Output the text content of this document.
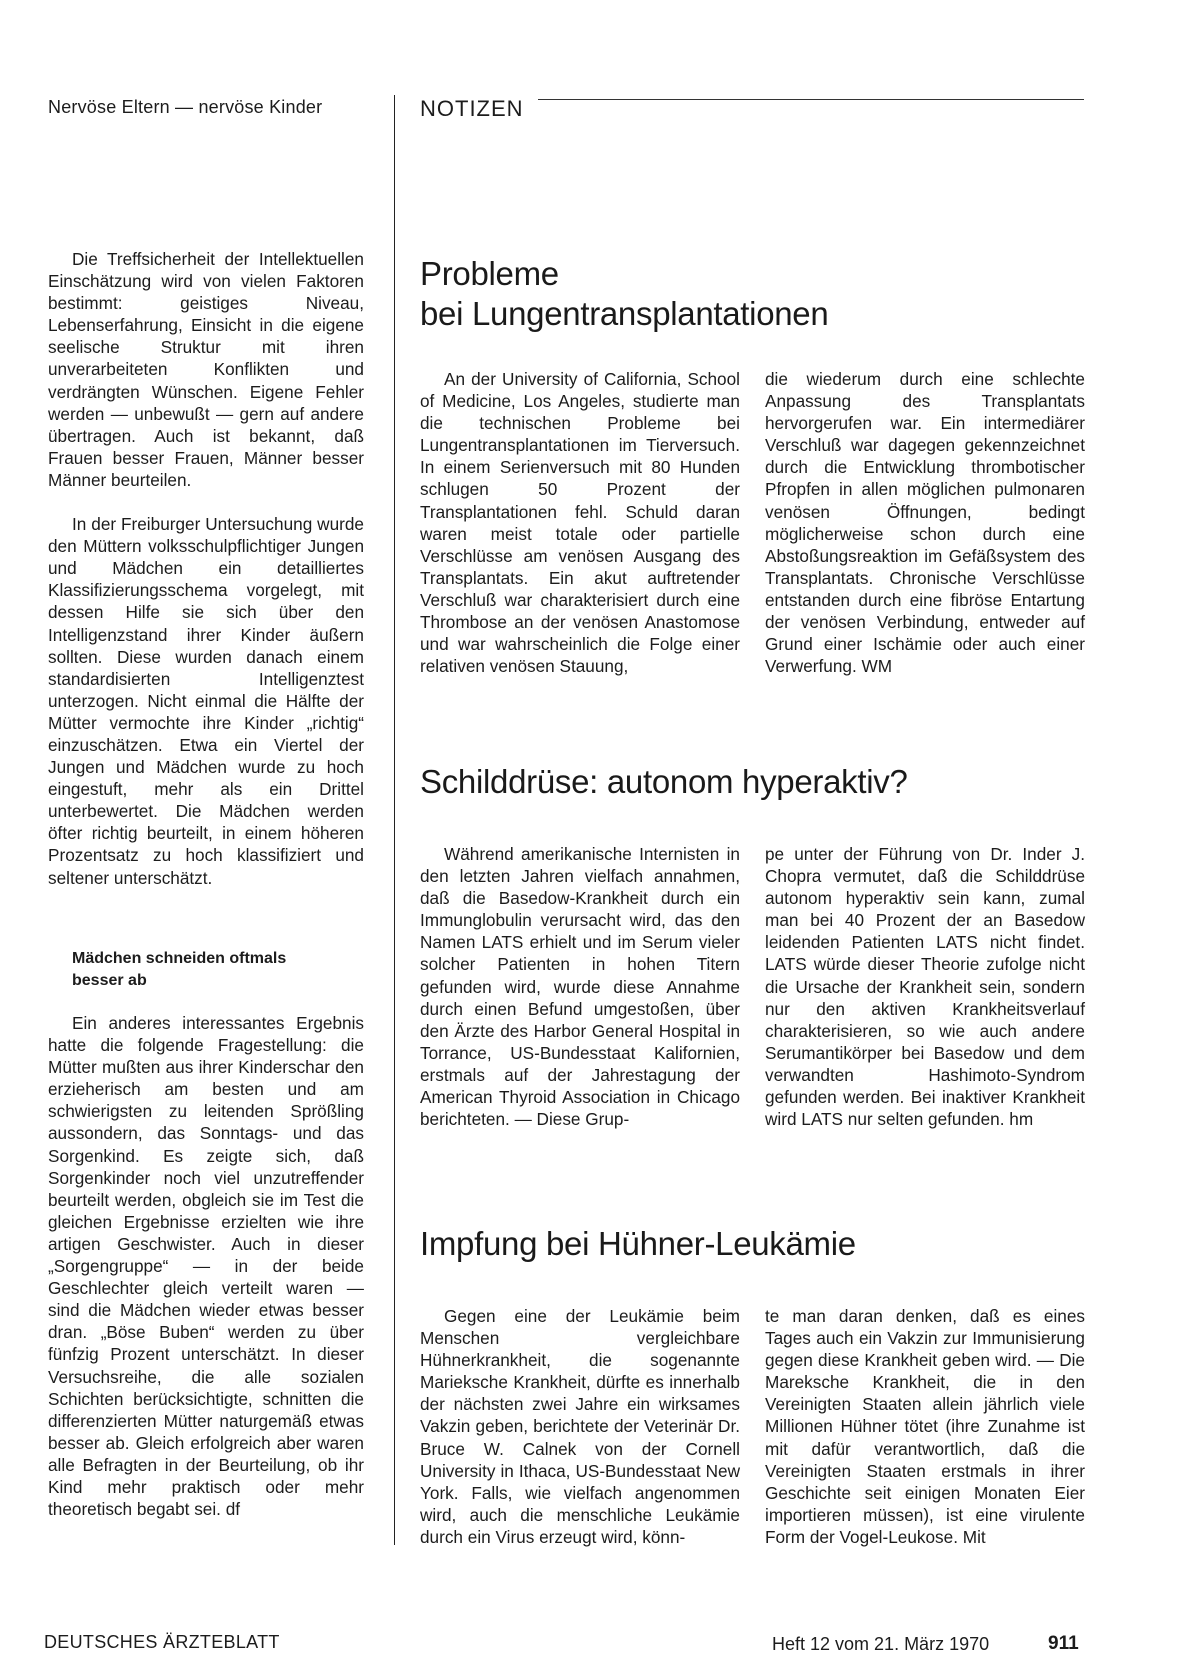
Nervöse Eltern — nervöse Kinder	NOTIZEN

Die Treffsicherheit der Intellektuellen Einschätzung wird von vielen Faktoren bestimmt: geistiges Niveau, Lebenserfahrung, Einsicht in die eigene seelische Struktur mit ihren unverarbeiteten Konflikten und verdrängten Wünschen. Eigene Fehler werden — unbewußt — gern auf andere übertragen. Auch ist bekannt, daß Frauen besser Frauen, Männer besser Männer beurteilen.

In der Freiburger Untersuchung wurde den Müttern volksschulpflichtiger Jungen und Mädchen ein detailliertes Klassifizierungsschema vorgelegt, mit dessen Hilfe sie sich über den Intelligenzstand ihrer Kinder äußern sollten. Diese wurden danach einem standardisierten Intelligenztest unterzogen. Nicht einmal die Hälfte der Mütter vermochte ihre Kinder „richtig“ einzuschätzen. Etwa ein Viertel der Jungen und Mädchen wurde zu hoch eingestuft, mehr als ein Drittel unterbewertet. Die Mädchen werden öfter richtig beurteilt, in einem höheren Prozentsatz zu hoch klassifiziert und seltener unterschätzt.

Mädchen schneiden oftmals besser ab

Ein anderes interessantes Ergebnis hatte die folgende Fragestellung: die Mütter mußten aus ihrer Kinderschar den erzieherisch am besten und am schwierigsten zu leitenden Sprößling aussondern, das Sonntags- und das Sorgenkind. Es zeigte sich, daß Sorgenkinder noch viel unzutreffender beurteilt werden, obgleich sie im Test die gleichen Ergebnisse erzielten wie ihre artigen Geschwister. Auch in dieser „Sorgengruppe“ — in der beide Geschlechter gleich verteilt waren — sind die Mädchen wieder etwas besser dran. „Böse Buben“ werden zu über fünfzig Prozent unterschätzt. In dieser Versuchsreihe, die alle sozialen Schichten berücksichtigte, schnitten die differenzierten Mütter naturgemäß etwas besser ab. Gleich erfolgreich aber waren alle Befragten in der Beurteilung, ob ihr Kind mehr praktisch oder mehr theoretisch begabt sei. df

Probleme
bei Lungentransplantationen

An der University of California, School of Medicine, Los Angeles, studierte man die technischen Probleme bei Lungentransplantationen im Tierversuch. In einem Serienversuch mit 80 Hunden schlugen 50 Prozent der Transplantationen fehl. Schuld daran waren meist totale oder partielle Verschlüsse am venösen Ausgang des Transplantats. Ein akut auftretender Verschluß war charakterisiert durch eine Thrombose an der venösen Anastomose und war wahrscheinlich die Folge einer relativen venösen Stauung,

die wiederum durch eine schlechte Anpassung des Transplantats hervorgerufen war. Ein intermediärer Verschluß war dagegen gekennzeichnet durch die Entwicklung thrombotischer Pfropfen in allen möglichen pulmonaren venösen Öffnungen, bedingt möglicherweise schon durch eine Abstoßungsreaktion im Gefäßsystem des Transplantats. Chronische Verschlüsse entstanden durch eine fibröse Entartung der venösen Verbindung, entweder auf Grund einer Ischämie oder auch einer Verwerfung. WM

Schilddrüse: autonom hyperaktiv?

Während amerikanische Internisten in den letzten Jahren vielfach annahmen, daß die Basedow-Krankheit durch ein Immunglobulin verursacht wird, das den Namen LATS erhielt und im Serum vieler solcher Patienten in hohen Titern gefunden wird, wurde diese Annahme durch einen Befund umgestoßen, über den Ärzte des Harbor General Hospital in Torrance, US-Bundesstaat Kalifornien, erstmals auf der Jahrestagung der American Thyroid Association in Chicago berichteten. — Diese Grup-

pe unter der Führung von Dr. Inder J. Chopra vermutet, daß die Schilddrüse autonom hyperaktiv sein kann, zumal man bei 40 Prozent der an Basedow leidenden Patienten LATS nicht findet. LATS würde dieser Theorie zufolge nicht die Ursache der Krankheit sein, sondern nur den aktiven Krankheitsverlauf charakterisieren, so wie auch andere Serumantikörper bei Basedow und dem verwandten Hashimoto-Syndrom gefunden werden. Bei inaktiver Krankheit wird LATS nur selten gefunden. hm

Impfung bei Hühner-Leukämie

Gegen eine der Leukämie beim Menschen vergleichbare Hühnerkrankheit, die sogenannte Marieksche Krankheit, dürfte es innerhalb der nächsten zwei Jahre ein wirksames Vakzin geben, berichtete der Veterinär Dr. Bruce W. Calnek von der Cornell University in Ithaca, US-Bundesstaat New York. Falls, wie vielfach angenommen wird, auch die menschliche Leukämie durch ein Virus erzeugt wird, könn-

te man daran denken, daß es eines Tages auch ein Vakzin zur Immunisierung gegen diese Krankheit geben wird. — Die Mareksche Krankheit, die in den Vereinigten Staaten allein jährlich viele Millionen Hühner tötet (ihre Zunahme ist mit dafür verantwortlich, daß die Vereinigten Staaten erstmals in ihrer Geschichte seit einigen Monaten Eier importieren müssen), ist eine virulente Form der Vogel-Leukose. Mit

DEUTSCHES ÄRZTEBLATT	Heft 12 vom 21. März 1970	911
